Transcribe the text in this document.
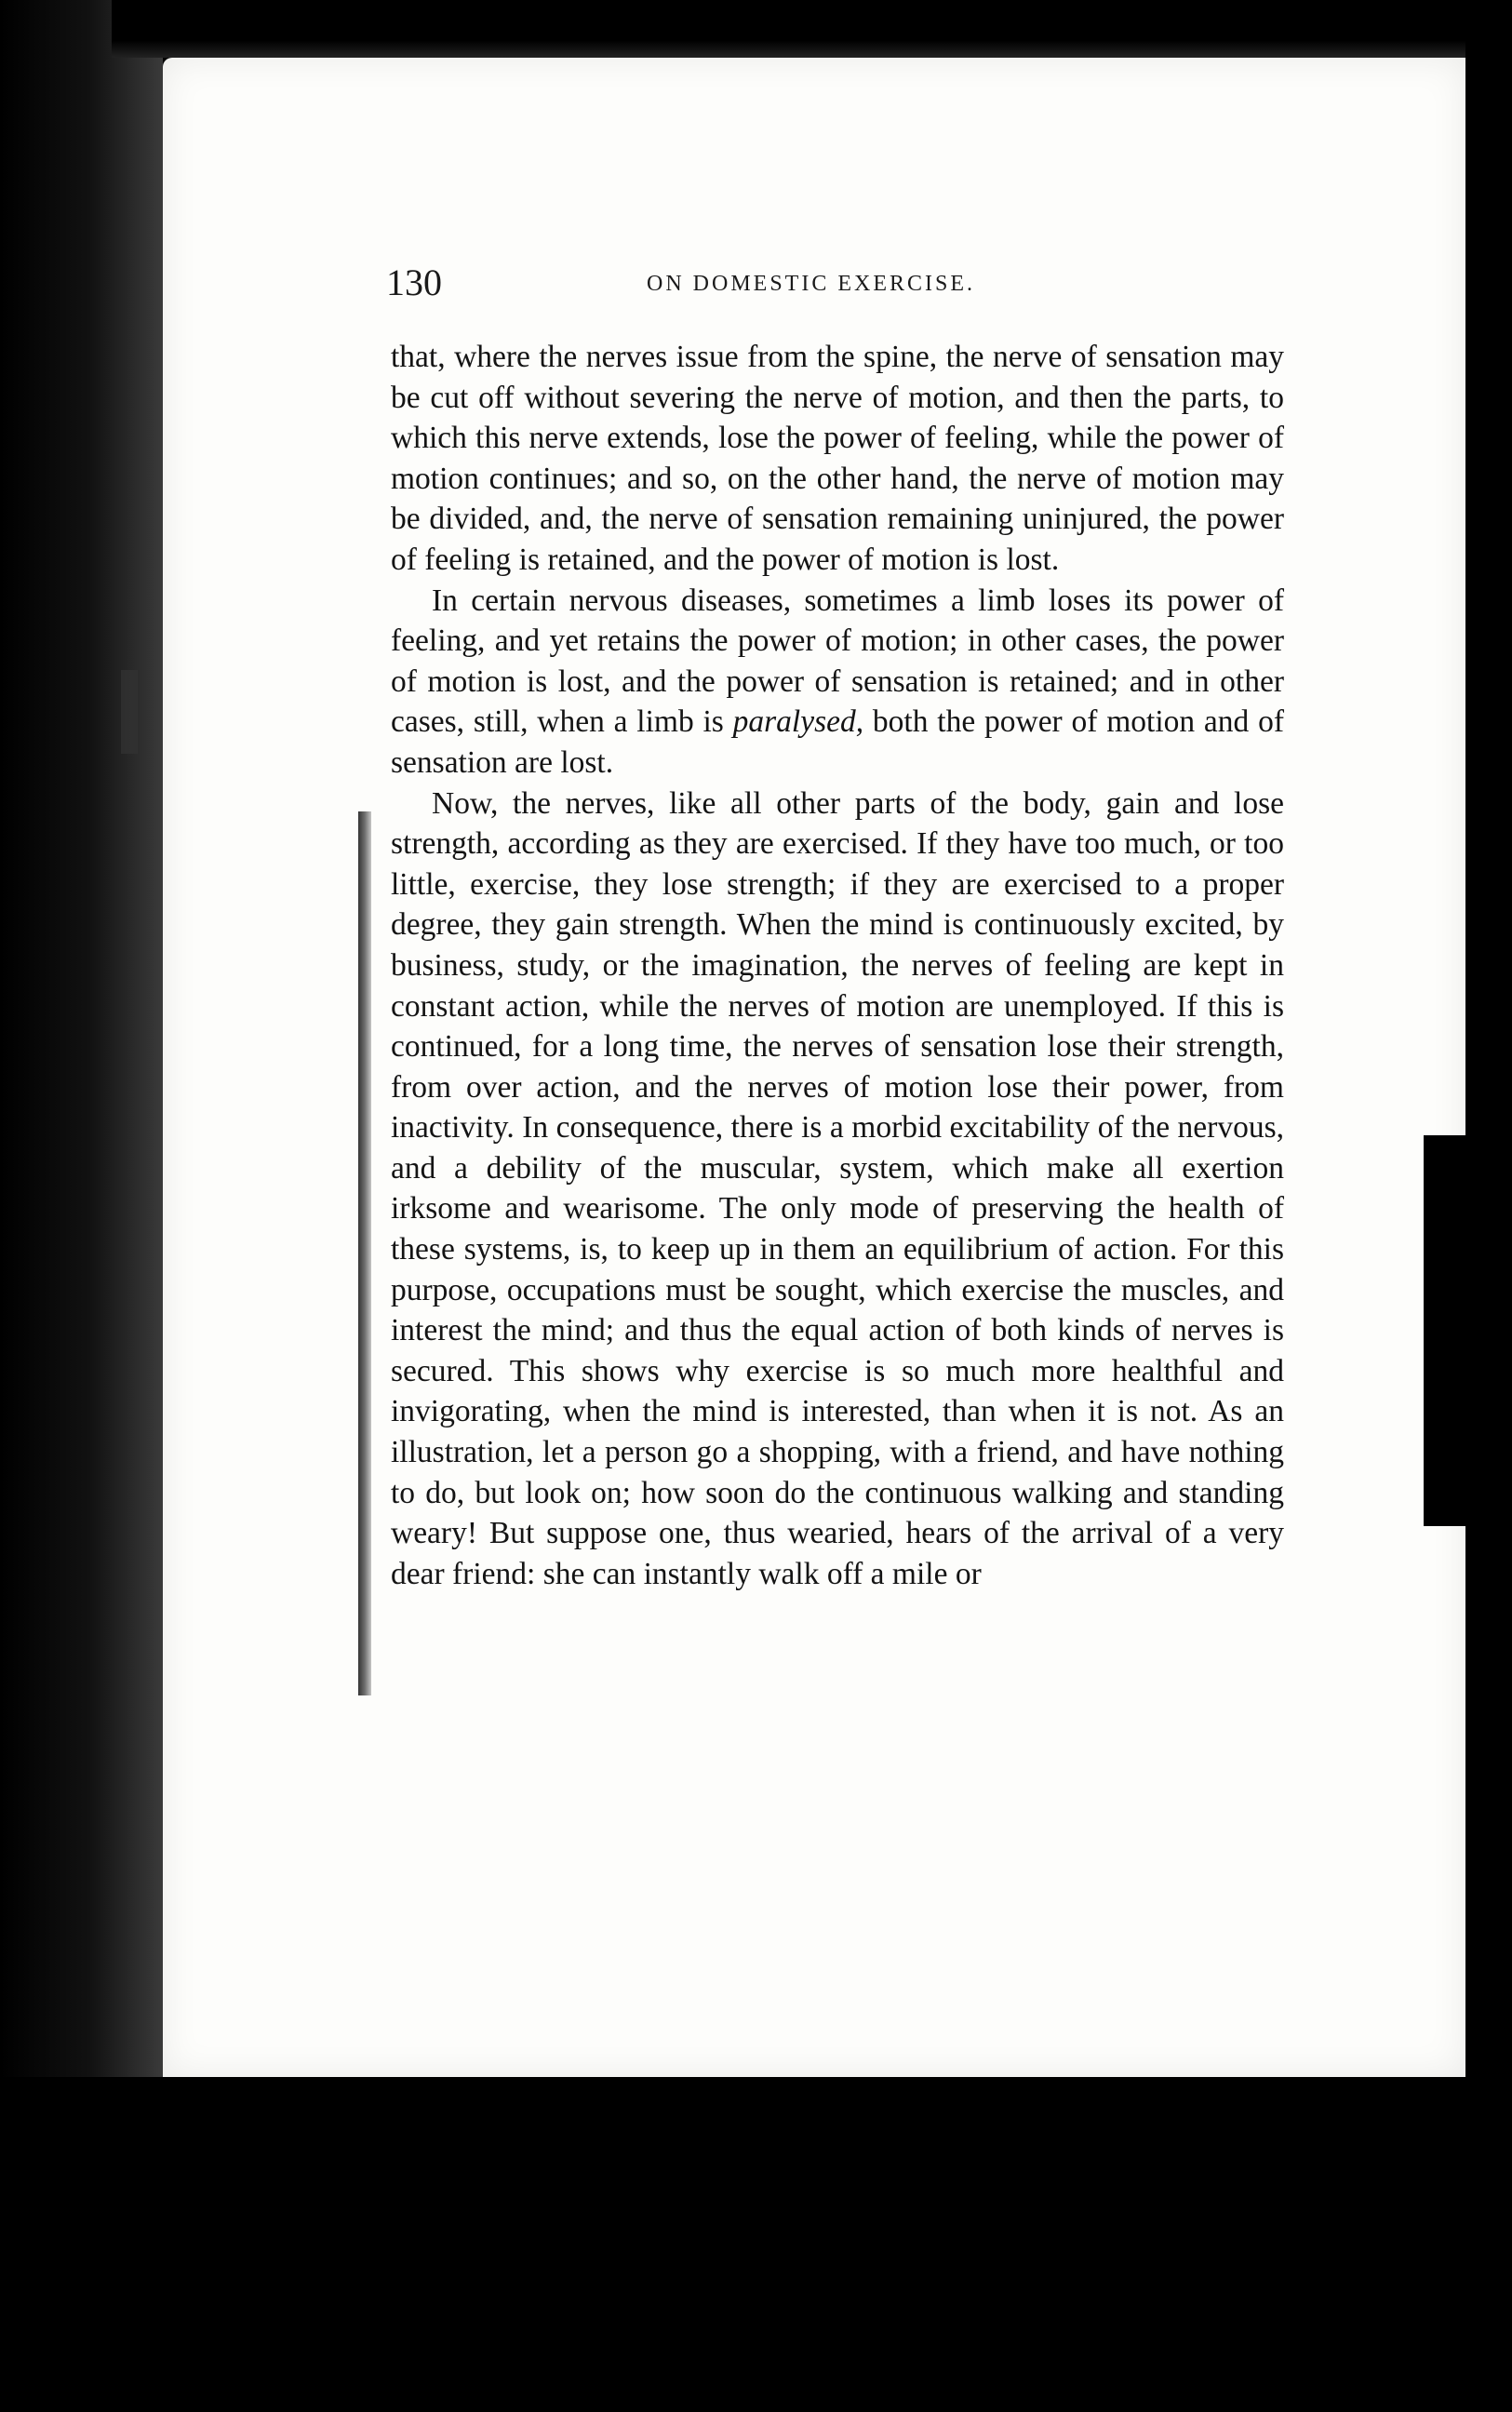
130	ON DOMESTIC EXERCISE.

that, where the nerves issue from the spine, the nerve of sensation may be cut off without severing the nerve of motion, and then the parts, to which this nerve extends, lose the power of feeling, while the power of motion continues; and so, on the other hand, the nerve of motion may be divided, and, the nerve of sensation remaining uninjured, the power of feeling is retained, and the power of motion is lost.

In certain nervous diseases, sometimes a limb loses its power of feeling, and yet retains the power of motion; in other cases, the power of motion is lost, and the power of sensation is retained; and in other cases, still, when a limb is paralysed, both the power of motion and of sensation are lost.

Now, the nerves, like all other parts of the body, gain and lose strength, according as they are exercised. If they have too much, or too little, exercise, they lose strength; if they are exercised to a proper degree, they gain strength. When the mind is continuously excited, by business, study, or the imagination, the nerves of feeling are kept in constant action, while the nerves of motion are unemployed. If this is continued, for a long time, the nerves of sensation lose their strength, from over action, and the nerves of motion lose their power, from inactivity. In consequence, there is a morbid excitability of the nervous, and a debility of the muscular, system, which make all exertion irksome and wearisome. The only mode of preserving the health of these systems, is, to keep up in them an equilibrium of action. For this purpose, occupations must be sought, which exercise the muscles, and interest the mind; and thus the equal action of both kinds of nerves is secured. This shows why exercise is so much more healthful and invigorating, when the mind is interested, than when it is not. As an illustration, let a person go a shopping, with a friend, and have nothing to do, but look on; how soon do the continuous walking and standing weary! But suppose one, thus wearied, hears of the arrival of a very dear friend: she can instantly walk off a mile or
